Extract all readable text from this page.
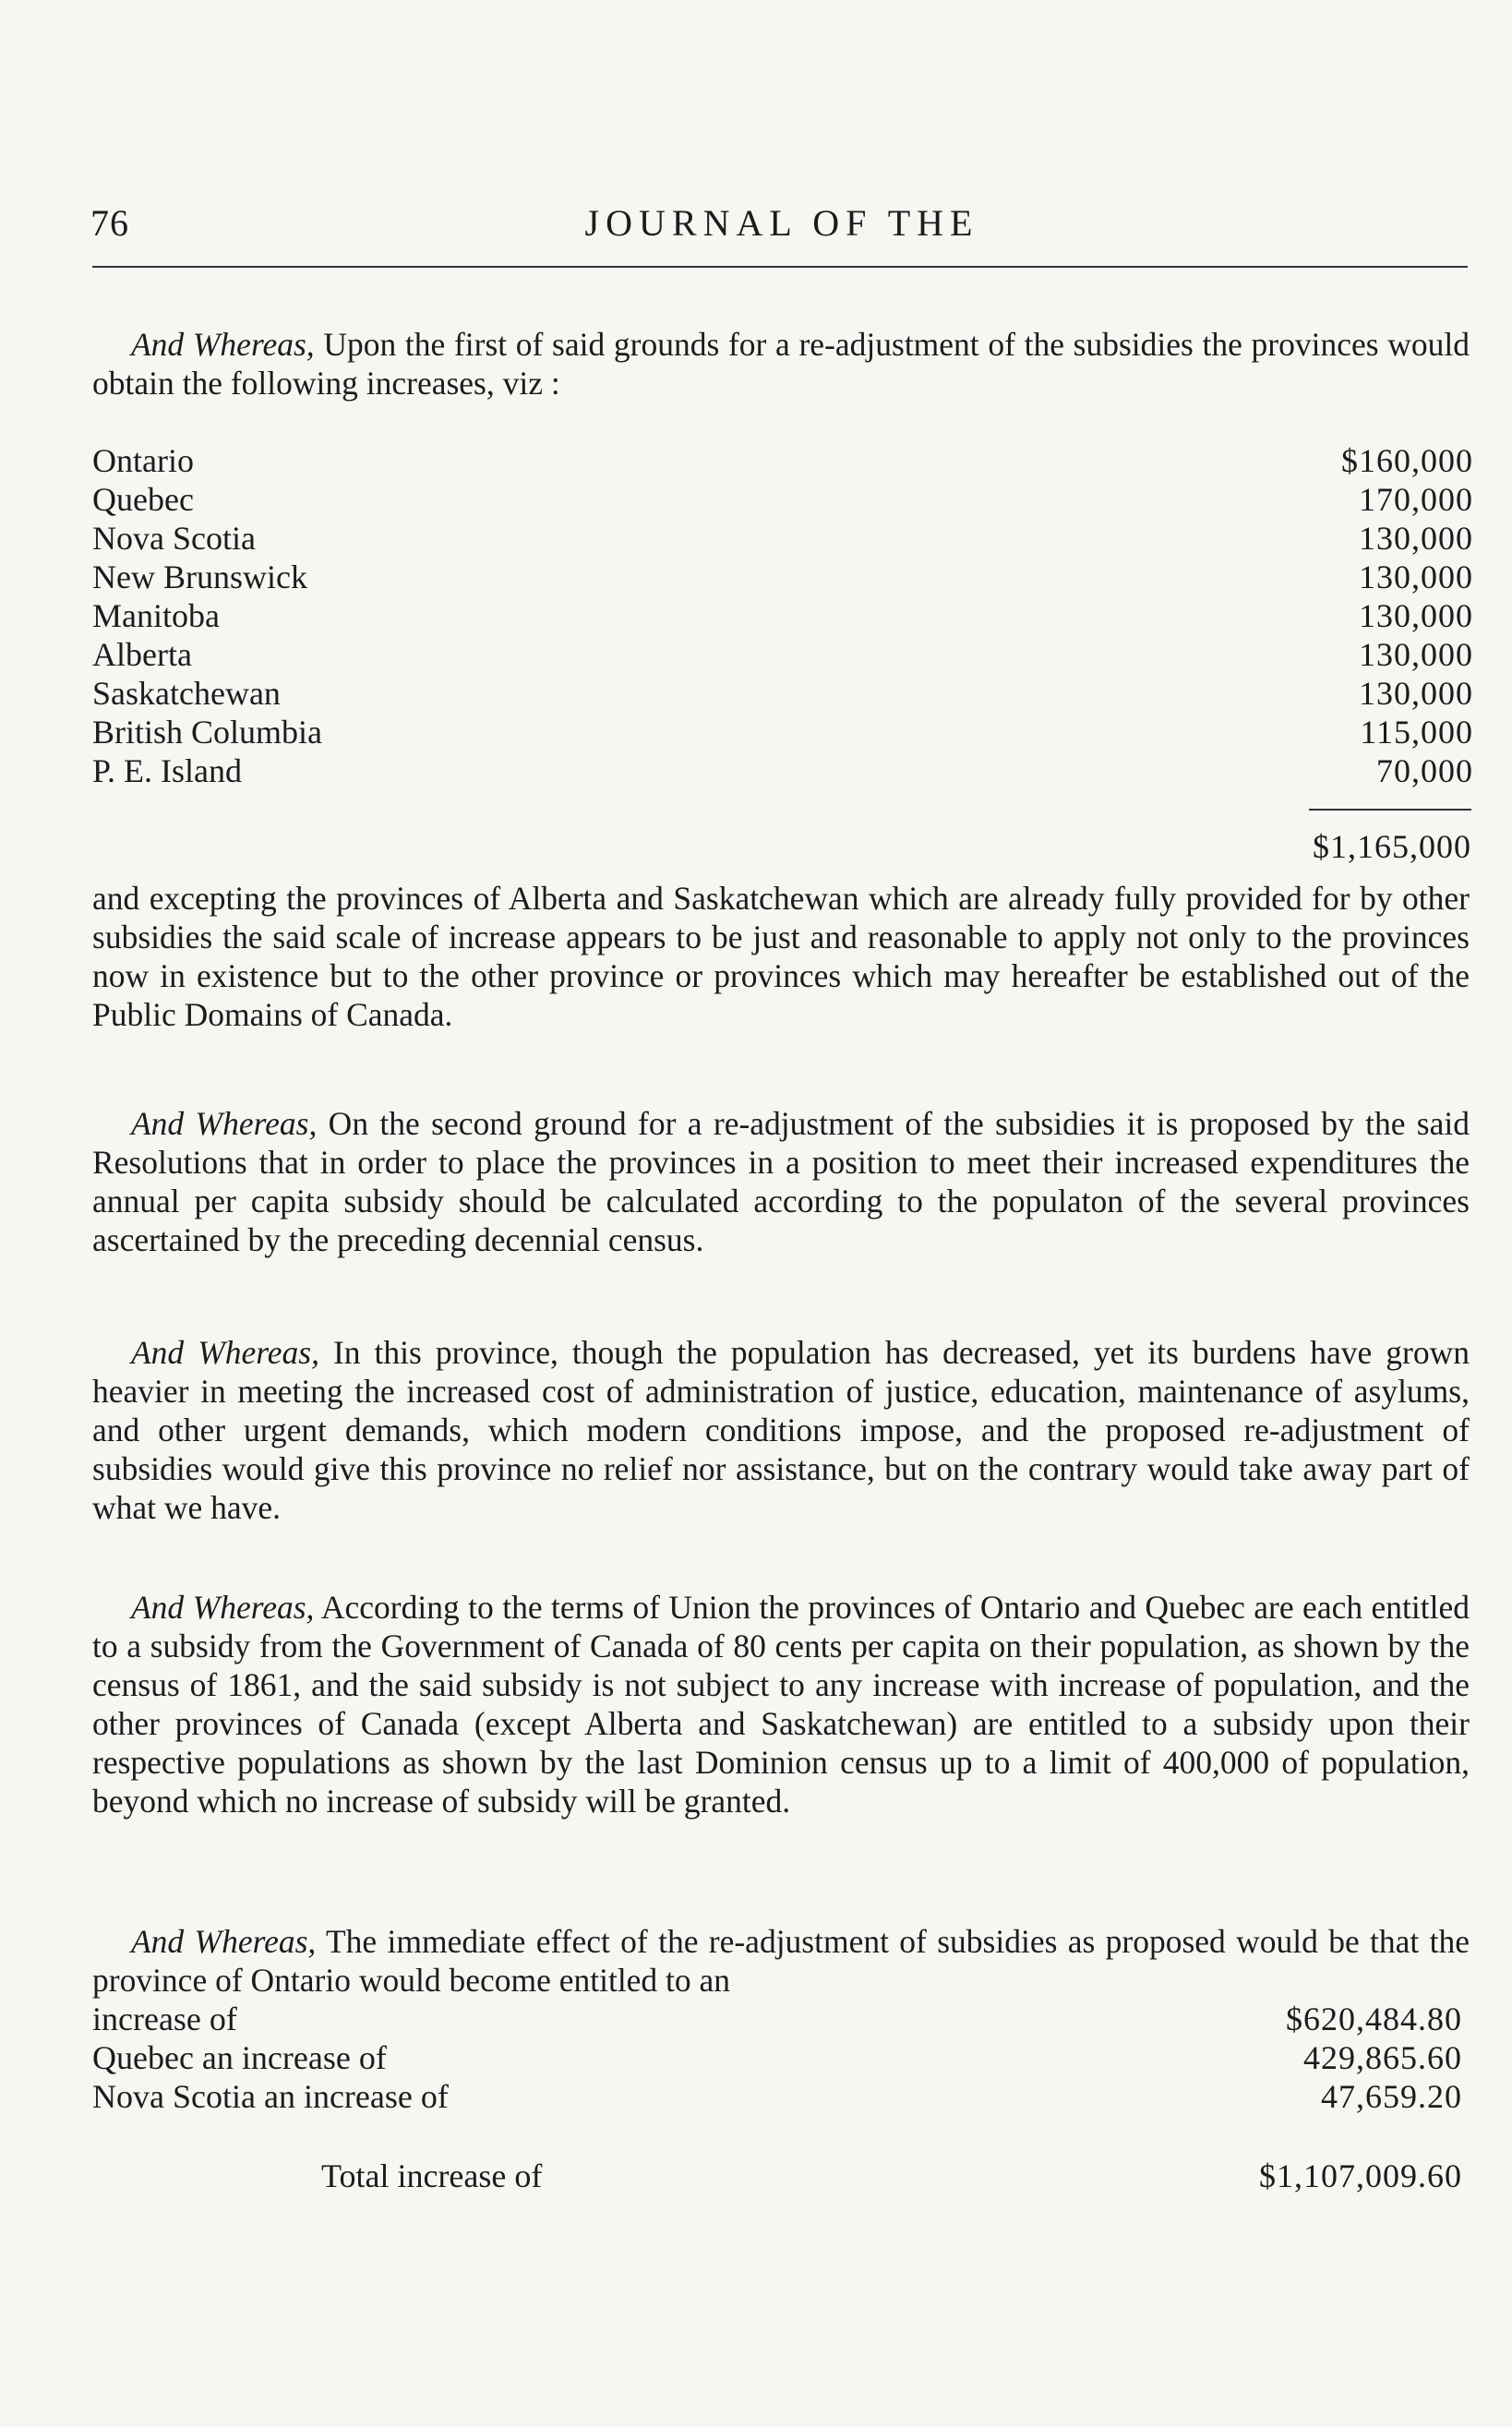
76	JOURNAL OF THE

And Whereas, Upon the first of said grounds for a re-adjustment of the subsidies the provinces would obtain the following increases, viz :

Ontario	$160,000
Quebec	170,000
Nova Scotia	130,000
New Brunswick	130,000
Manitoba	130,000
Alberta	130,000
Saskatchewan	130,000
British Columbia	115,000
P. E. Island	70,000
$1,165,000

and excepting the provinces of Alberta and Saskatchewan which are already fully provided for by other subsidies the said scale of increase appears to be just and reasonable to apply not only to the provinces now in existence but to the other province or provinces which may hereafter be established out of the Public Domains of Canada.

And Whereas, On the second ground for a re-adjustment of the subsidies it is proposed by the said Resolutions that in order to place the provinces in a position to meet their increased expenditures the annual per capita subsidy should be calculated according to the populaton of the several provinces ascertained by the preceding decennial census.

And Whereas, In this province, though the population has decreased, yet its burdens have grown heavier in meeting the increased cost of administration of justice, education, maintenance of asylums, and other urgent demands, which modern conditions impose, and the proposed re-adjustment of subsidies would give this province no relief nor assistance, but on the contrary would take away part of what we have.

And Whereas, According to the terms of Union the provinces of Ontario and Quebec are each entitled to a subsidy from the Government of Canada of 80 cents per capita on their population, as shown by the census of 1861, and the said subsidy is not subject to any increase with increase of population, and the other provinces of Canada (except Alberta and Saskatchewan) are entitled to a subsidy upon their respective populations as shown by the last Dominion census up to a limit of 400,000 of population, beyond which no increase of subsidy will be granted.

And Whereas, The immediate effect of the re-adjustment of subsidies as proposed would be that the province of Ontario would become entitled to an

increase of	$620,484.80
Quebec an increase of	429,865.60
Nova Scotia an increase of	47,659.20
Total increase of	$1,107,009.60
